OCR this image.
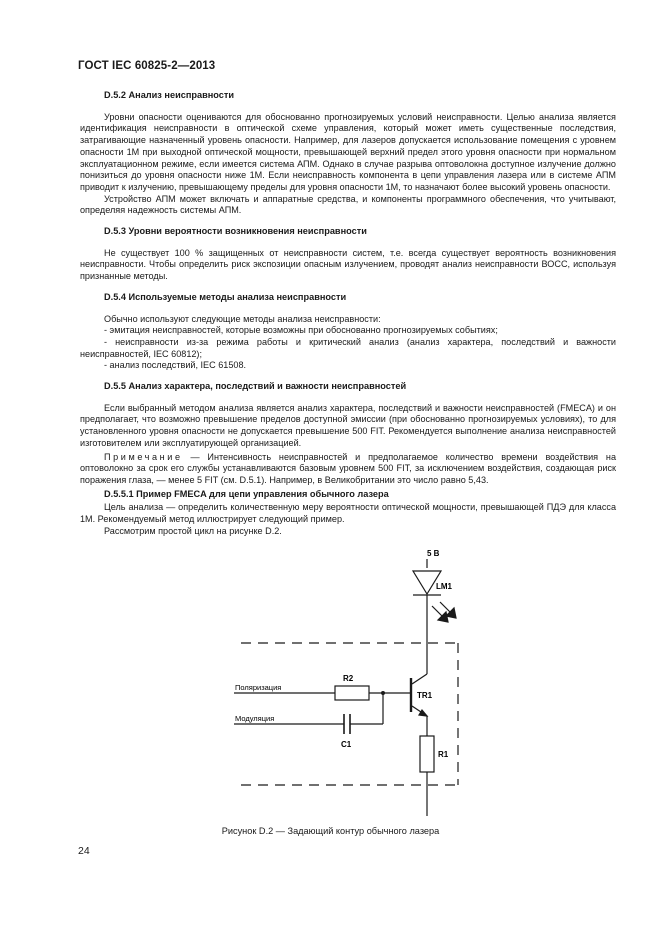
ГОСТ IEC 60825-2—2013
D.5.2 Анализ неисправности

Уровни опасности оцениваются для обоснованно прогнозируемых условий неисправности. Целью анализа является идентификация неисправности в оптической схеме управления, который может иметь существенные последствия, затрагивающие назначенный уровень опасности. Например, для лазеров допускается использование помещения с уровнем опасности 1М при выходной оптической мощности, превышающей верхний предел этого уровня опасности при нормальном эксплуатационном режиме, если имеется система АПМ. Однако в случае разрыва оптоволокна доступное излучение должно понизиться до уровня опасности ниже 1М. Если неисправность компонента в цепи управления лазера или в системе АПМ приводит к излучению, превышающему пределы для уровня опасности 1М, то назначают более высокий уровень опасности.

Устройство АПМ может включать и аппаратные средства, и компоненты программного обеспечения, что учитывают, определяя надежность системы АПМ.

D.5.3 Уровни вероятности возникновения неисправности

Не существует 100 % защищенных от неисправности систем, т.е. всегда существует вероятность возникновения неисправности. Чтобы определить риск экспозиции опасным излучением, проводят анализ неисправности ВОСС, используя признанные методы.

D.5.4 Используемые методы анализа неисправности

Обычно используют следующие методы анализа неисправности:

- эмитация неисправностей, которые возможны при обоснованно прогнозируемых событиях;

- неисправности из-за режима работы и критический анализ (анализ характера, последствий и важности неисправностей, IEC 60812);

- анализ последствий, IEC 61508.

D.5.5 Анализ характера, последствий и важности неисправностей

Если выбранный методом анализа является анализ характера, последствий и важности неисправностей (FMECA) и он предполагает, что возможно превышение пределов доступной эмиссии (при обоснованно прогнозируемых условиях), то для установленного уровня опасности не допускается превышение 500 FIT. Рекомендуется выполнение анализа неисправностей изготовителем или эксплуатирующей организацией.

Примечание — Интенсивность неисправностей и предполагаемое количество времени воздействия на оптоволокно за срок его службы устанавливаются базовым уровнем 500 FIT, за исключением воздействия, создающая риск поражения глаза, — менее 5 FIT (см. D.5.1). Например, в Великобритании это число равно 5,43.

D.5.5.1 Пример FMECA для цепи управления обычного лазера

Цель анализа — определить количественную меру вероятности оптической мощности, превышающей ПДЭ для класса 1М. Рекомендуемый метод иллюстрирует следующий пример.

Рассмотрим простой цикл на рисунке D.2.

5 В
LM1
TR1
R2
R1
C1
Поляризация
Модуляция
Рисунок D.2 — Задающий контур обычного лазера
24
